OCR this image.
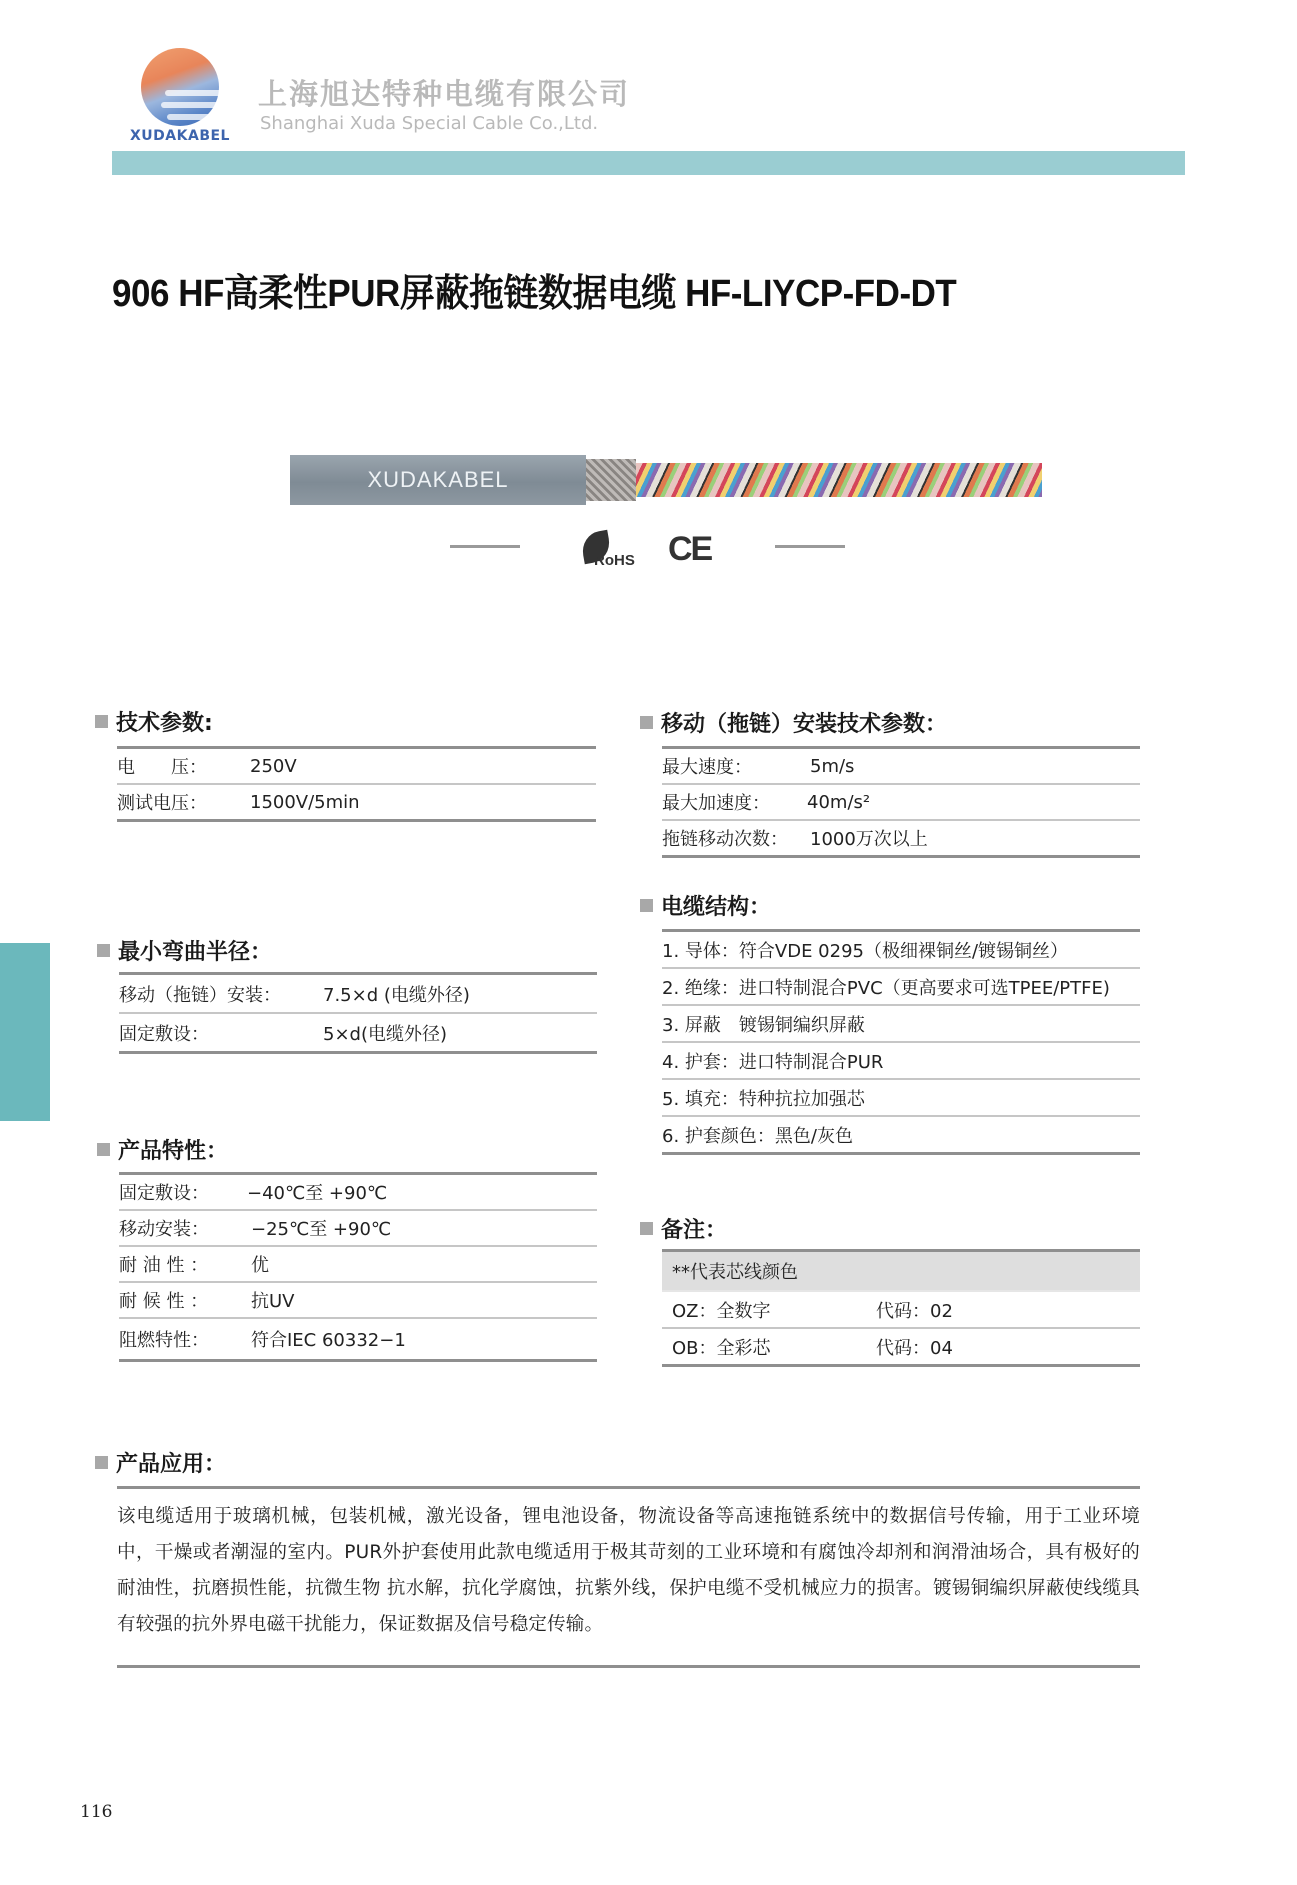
XUDAKABEL
上海旭达特种电缆有限公司
Shanghai Xuda Special Cable Co.,Ltd.
906 HF高柔性PUR屏蔽拖链数据电缆 HF-LIYCP-FD-DT
XUDAKABEL
RoHS CE
技术参数:
电　　压： 250V
测试电压： 1500V/5min
移动（拖链）安装技术参数：
最大速度：	5m/s
最大加速度： 40m/s²
拖链移动次数： 1000万次以上
最小弯曲半径：
移动（拖链）安装： 7.5×d (电缆外径)
固定敷设：	5×d(电缆外径)
电缆结构：
1. 导体：符合VDE 0295（极细裸铜丝/镀锡铜丝）
2. 绝缘：进口特制混合PVC（更高要求可选TPEE/PTFE)
3. 屏蔽　镀锡铜编织屏蔽
4. 护套：进口特制混合PUR
5. 填充：特种抗拉加强芯
6. 护套颜色：黑色/灰色
产品特性：
固定敷设： −40℃至 +90℃
移动安装： −25℃至 +90℃
耐 油 性 ： 优
耐 候 性 ： 抗UV
阻燃特性： 符合IEC 60332−1
备注：
**代表芯线颜色
OZ：全数字	代码：02
OB：全彩芯	代码：04
产品应用：
该电缆适用于玻璃机械，包装机械，激光设备，锂电池设备，物流设备等高速拖链系统中的数据信号传输，用于工业环境中，干燥或者潮湿的室内。PUR外护套使用此款电缆适用于极其苛刻的工业环境和有腐蚀冷却剂和润滑油场合，具有极好的耐油性，抗磨损性能，抗微生物 抗水解，抗化学腐蚀，抗紫外线，保护电缆不受机械应力的损害。镀锡铜编织屏蔽使线缆具有较强的抗外界电磁干扰能力，保证数据及信号稳定传输。
116
